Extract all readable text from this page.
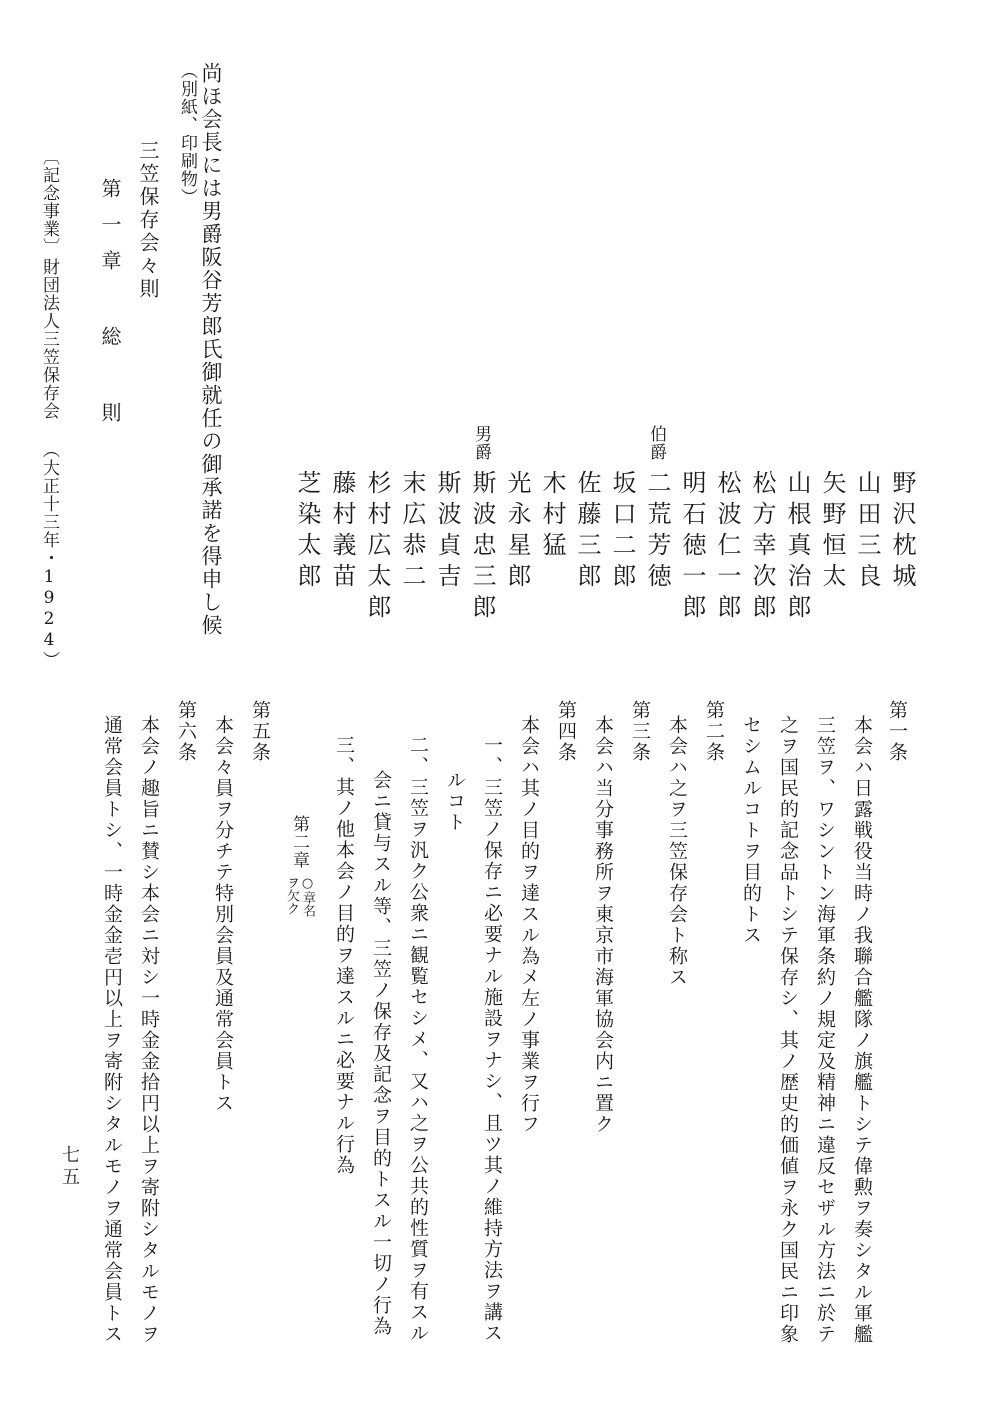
野沢枕城
山田三良
矢野恒太
山根真治郎
松方幸次郎
松波仁一郎
明石徳一郎
伯爵
二荒芳徳
坂口二郎
佐藤三郎
木村猛
光永星郎
男爵
斯波忠三郎
斯波貞吉
末広恭二
杉村広太郎
藤村義苗
芝染太郎
尚ほ会長には男爵阪谷芳郎氏御就任の御承諾を得申し候
（別紙、印刷物）
三笠保存会々則
第一章 総 則
〔記念事業〕
財団法人三笠保存会 （大正十三年・1924）
第一条
本会ハ日露戦役当時ノ我聯合艦隊ノ旗艦トシテ偉勲ヲ奏シタル軍艦
三笠ヲ、ワシントン海軍条約ノ規定及精神ニ違反セザル方法ニ於テ
之ヲ国民的記念品トシテ保存シ、其ノ歴史的価値ヲ永ク国民ニ印象
セシムルコトヲ目的トス
第二条
本会ハ之ヲ三笠保存会ト称ス
第三条
本会ハ当分事務所ヲ東京市海軍協会内ニ置ク
第四条
本会ハ其ノ目的ヲ達スル為メ左ノ事業ヲ行フ
一、三笠ノ保存ニ必要ナル施設ヲナシ、且ツ其ノ維持方法ヲ講ス
ルコト
二、三笠ヲ汎ク公衆ニ観覧セシメ、又ハ之ヲ公共的性質ヲ有スル
会ニ貸与スル等、三笠ノ保存及記念ヲ目的トスル一切ノ行為
三、其ノ他本会ノ目的ヲ達スルニ必要ナル行為
第二章
○章名
ヲ欠ク
第五条
本会々員ヲ分チテ特別会員及通常会員トス
第六条
本会ノ趣旨ニ賛シ本会ニ対シ一時金金拾円以上ヲ寄附シタルモノヲ
通常会員トシ、一時金金壱円以上ヲ寄附シタルモノヲ通常会員トス
七五
